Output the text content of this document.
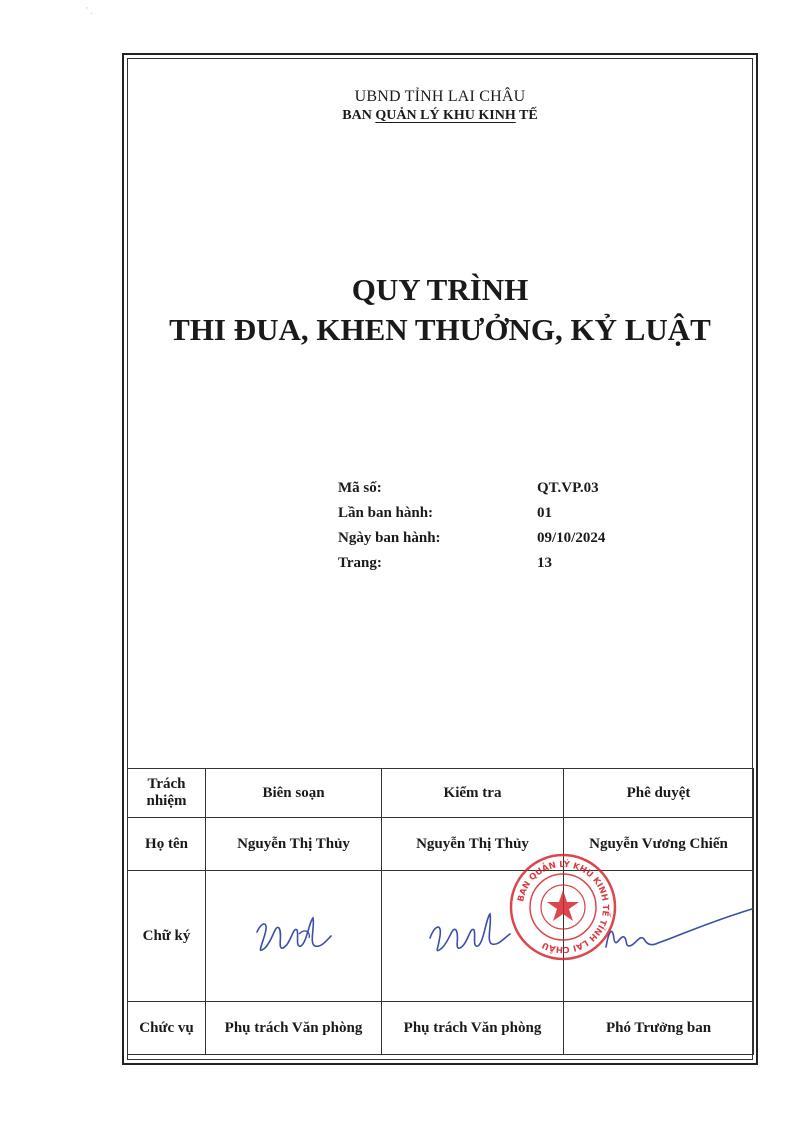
' .
UBND TỈNH LAI CHÂU
BAN QUẢN LÝ KHU KINH TẾ
QUY TRÌNH
THI ĐUA, KHEN THƯỞNG, KỶ LUẬT
Mã số:	QT.VP.03
Lần ban hành:	01
Ngày ban hành:	09/10/2024
Trang:	13
Trách nhiệm	Biên soạn	Kiểm tra	Phê duyệt
Họ tên	Nguyễn Thị Thủy	Nguyễn Thị Thủy	Nguyễn Vương Chiến
Chữ ký			
Chức vụ	Phụ trách Văn phòng	Phụ trách Văn phòng	Phó Trưởng ban
BAN QUẢN LÝ KHU KINH TẾ TỈNH LAI CHÂU
